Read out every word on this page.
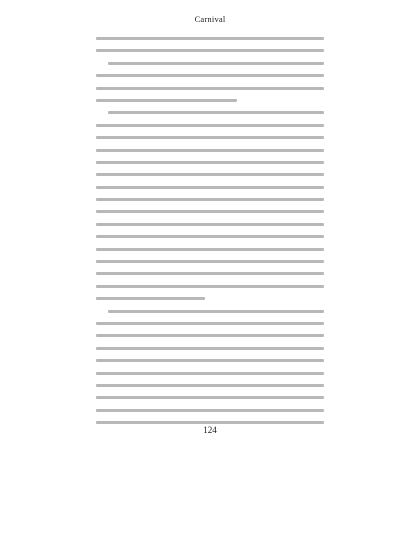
Carnival
124
